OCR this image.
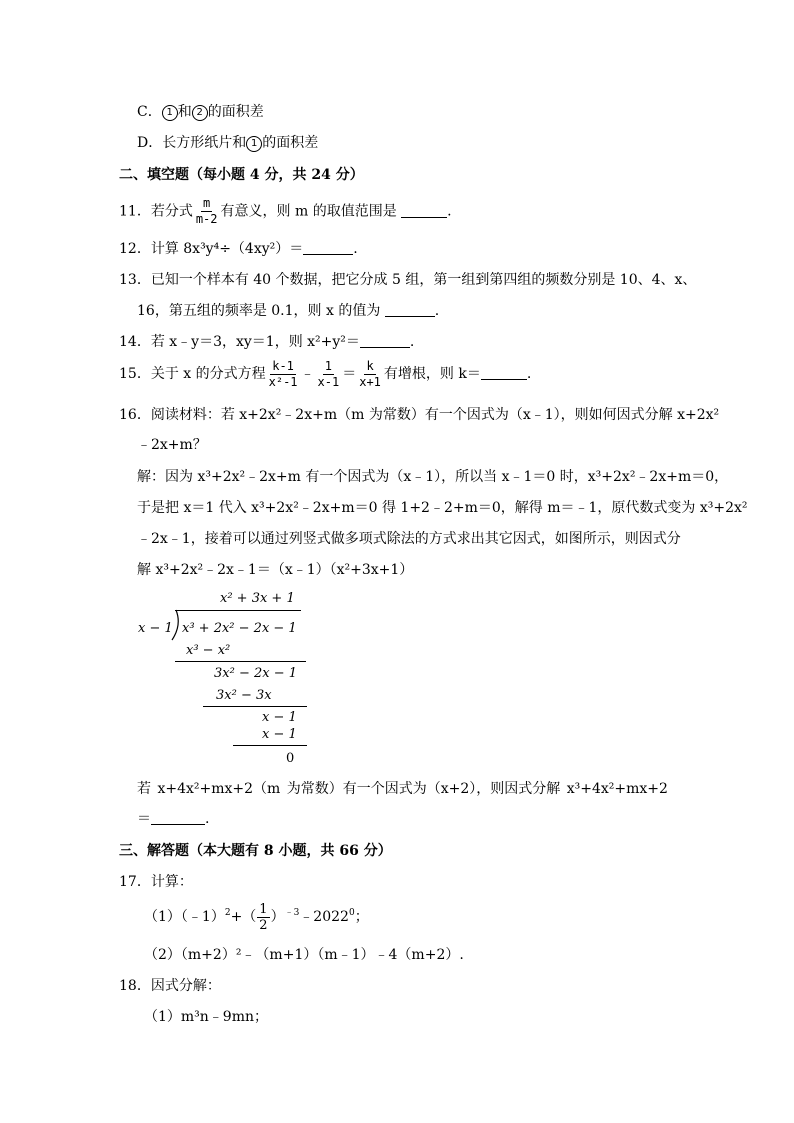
C． 1 和 2 的面积差
D．长方形纸片和 1 的面积差
二、填空题（每小题 4 分，共 24 分）
11．若分式 $\frac{m}{m-2}$ 有意义，则 m 的取值范围是	.
12．计算 8x³y⁴÷（4xy²）＝	.
13．已知一个样本有 40 个数据，把它分成 5 组，第一组到第四组的频数分别是 10、4、x、
16，第五组的频率是 0.1，则 x 的值为	.
14．若 x﹣y＝3，xy＝1，则 x²+y²＝	.
15．关于 x 的分式方程 $\frac{k-1}{\text{x²-1}}$ ﹣ $\frac{1}{x-1} = \frac{k}{x+1}$ 有增根，则 k＝	.
16．阅读材料：若 x+2x²﹣2x+m（m 为常数）有一个因式为（x﹣1），则如何因式分解 x+2x²
﹣2x+m？
解：因为 x³+2x²﹣2x+m 有一个因式为（x﹣1），所以当 x﹣1＝0 时，x³+2x²﹣2x+m＝0，
于是把 x＝1 代入 x³+2x²﹣2x+m＝0 得 1+2﹣2+m＝0，解得 m＝﹣1，原代数式变为 x³+2x²
﹣2x﹣1，接着可以通过列竖式做多项式除法的方式求出其它因式，如图所示，则因式分
解 x³+2x²﹣2x﹣1＝（x﹣1）（x²+3x+1）
x² + 3x + 1
x − 1 x³ + 2x² − 2x − 1
x³ − x²
3x² − 2x − 1
3x² − 3x
x − 1
x − 1
0
若 x+4x²+mx+2（m 为常数）有一个因式为（x+2），则因式分解 x³+4x²+mx+2
＝	.
三、解答题（本大题有 8 小题，共 66 分）
17．计算：
（1）（﹣1）$^2$+（ $\frac{1}{2}$ ）$^{﹣3}$﹣2022$^0$；
（2）（m+2）²﹣（m+1）（m﹣1）﹣4（m+2）.
18．因式分解：
（1）m³n﹣9mn；
